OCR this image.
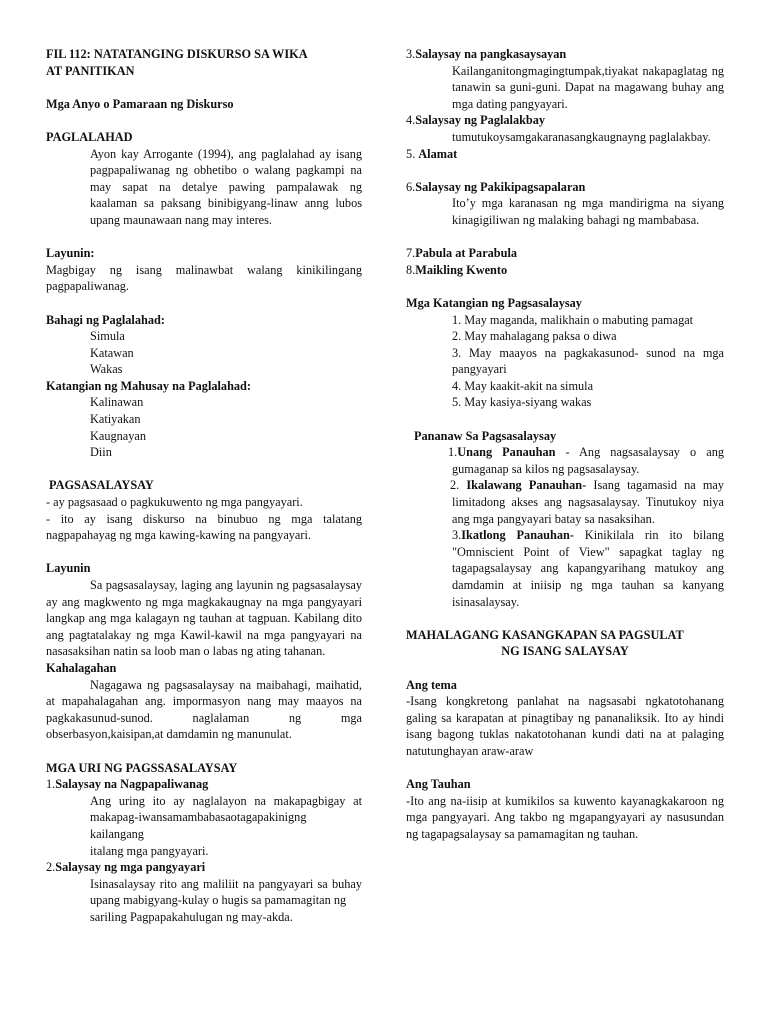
FIL 112: NATATANGING DISKURSO SA WIKA

AT PANITIKAN

Mga Anyo o Pamaraan ng Diskurso

PAGLALAHAD

Ayon kay Arrogante (1994), ang paglalahad ay isang pagpapaliwanag ng obhetibo o walang pagkampi na may sapat na detalye pawing pampalawak ng kaalaman sa paksang binibigyang-linaw anng lubos upang maunawaan nang may interes.

Layunin:

Magbigay ng isang malinawbat walang kinikilingang pagpapaliwanag.

Bahagi ng Paglalahad:

Simula

Katawan

Wakas

Katangian ng Mahusay na Paglalahad:

Kalinawan

Katiyakan

Kaugnayan

Diin

PAGSASALAYSAY

- ay pagsasaad o pagkukuwento ng mga pangyayari.

- ito ay isang diskurso na binubuo ng mga talatang nagpapahayag ng mga kawing-kawing na pangyayari.

Layunin

Sa pagsasalaysay, laging ang layunin ng pagsasalaysay ay ang magkwento ng mga magkakaugnay na mga pangyayari langkap ang mga kalagayn ng tauhan at tagpuan. Kabilang dito ang pagtatalakay ng mga Kawil-kawil na mga pangyayari na nasasaksihan natin sa loob man o labas ng ating tahanan.

Kahalagahan

Nagagawa ng pagsasalaysay na maibahagi, maihatid, at mapahalagahan ang. impormasyon nang may maayos na pagkakasunud-sunod. naglalaman ng mga obserbasyon,kaisipan,at damdamin ng manunulat.

MGA URI NG PAGSSASALAYSAY

1.Salaysay na Nagpapaliwanag

Ang uring ito ay naglalayon na makapagbigay at makapag-iwansamambabasaotagapakinigng kailangang

italang mga pangyayari.

2.Salaysay ng mga pangyayari

Isinasalaysay rito ang maliliit na pangyayari sa buhay upang mabigyang-kulay o hugis sa pamamagitan ng

sariling Pagpapakahulugan ng may-akda.

3.Salaysay na pangkasaysayan

Kailanganitongmagingtumpak,tiyakat nakapaglatag ng tanawin sa guni-guni. Dapat na magawang buhay ang mga dating pangyayari.

4.Salaysay ng Paglalakbay

tumutukoysamgakaranasangkaugnayng paglalakbay.

5. Alamat

6.Salaysay ng Pakikipagsapalaran

Ito’y mga karanasan ng mga mandirigma na siyang kinagigiliwan ng malaking bahagi ng mambabasa.

7.Pabula at Parabula

8.Maikling Kwento

Mga Katangian ng Pagsasalaysay

1. May maganda, malikhain o mabuting pamagat

2. May mahalagang paksa o diwa

3. May maayos na pagkakasunod- sunod na mga pangyayari

4. May kaakit-akit na simula

5. May kasiya-siyang wakas

Pananaw Sa Pagsasalaysay

1.Unang Panauhan - Ang nagsasalaysay o ang gumaganap sa kilos ng pagsasalaysay.

2. Ikalawang Panauhan- Isang tagamasid na may limitadong akses ang nagsasalaysay. Tinutukoy niya ang mga pangyayari batay sa nasaksihan.

3.Ikatlong Panauhan- Kinikilala rin ito bilang "Omniscient Point of View" sapagkat taglay ng tagapagsalaysay ang kapangyarihang matukoy ang damdamin at iniisip ng mga tauhan sa kanyang isinasalaysay.

MAHALAGANG KASANGKAPAN SA PAGSULAT

NG ISANG SALAYSAY

Ang tema

-Isang kongkretong panlahat na nagsasabi ngkatotohanang galing sa karapatan at pinagtibay ng pananaliksik. Ito ay hindi isang bagong tuklas nakatotohanan kundi dati na at palaging natutunghayan araw-araw

Ang Tauhan

-Ito ang na-iisip at kumikilos sa kuwento kayanagkakaroon ng mga pangyayari. Ang takbo ng mgapangyayari ay nasusundan ng tagapagsalaysay sa pamamagitan ng tauhan.
